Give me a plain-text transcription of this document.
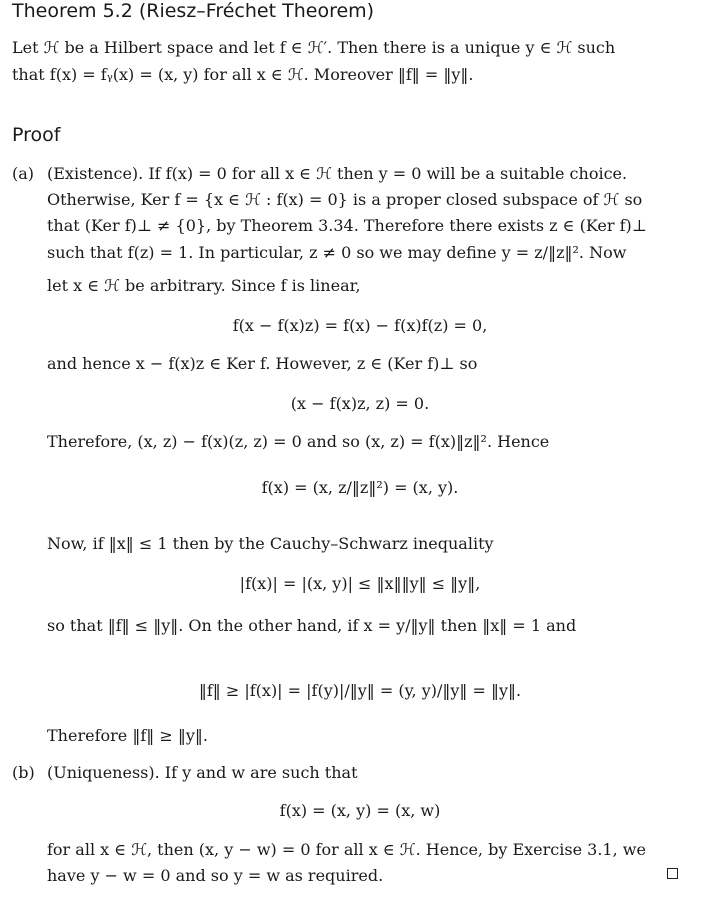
Theorem 5.2 (Riesz–Fréchet Theorem)
Let ℋ be a Hilbert space and let f ∈ ℋ′. Then there is a unique y ∈ ℋ such
that f(x) = fᵧ(x) = (x, y) for all x ∈ ℋ. Moreover ‖f‖ = ‖y‖.
Proof
(a) (Existence). If f(x) = 0 for all x ∈ ℋ then y = 0 will be a suitable choice.
Otherwise, Ker f = {x ∈ ℋ : f(x) = 0} is a proper closed subspace of ℋ so
that (Ker f)⊥ ≠ {0}, by Theorem 3.34. Therefore there exists z ∈ (Ker f)⊥
such that f(z) = 1. In particular, z ≠ 0 so we may define y = z/‖z‖². Now
let x ∈ ℋ be arbitrary. Since f is linear,
f(x − f(x)z) = f(x) − f(x)f(z) = 0,
and hence x − f(x)z ∈ Ker f. However, z ∈ (Ker f)⊥ so
(x − f(x)z, z) = 0.
Therefore, (x, z) − f(x)(z, z) = 0 and so (x, z) = f(x)‖z‖². Hence
f(x) = (x, z/‖z‖²) = (x, y).
Now, if ‖x‖ ≤ 1 then by the Cauchy–Schwarz inequality
|f(x)| = |(x, y)| ≤ ‖x‖‖y‖ ≤ ‖y‖,
so that ‖f‖ ≤ ‖y‖. On the other hand, if x = y/‖y‖ then ‖x‖ = 1 and
‖f‖ ≥ |f(x)| = |f(y)|/‖y‖ = (y, y)/‖y‖ = ‖y‖.
Therefore ‖f‖ ≥ ‖y‖.
(b) (Uniqueness). If y and w are such that
f(x) = (x, y) = (x, w)
for all x ∈ ℋ, then (x, y − w) = 0 for all x ∈ ℋ. Hence, by Exercise 3.1, we
have y − w = 0 and so y = w as required.
